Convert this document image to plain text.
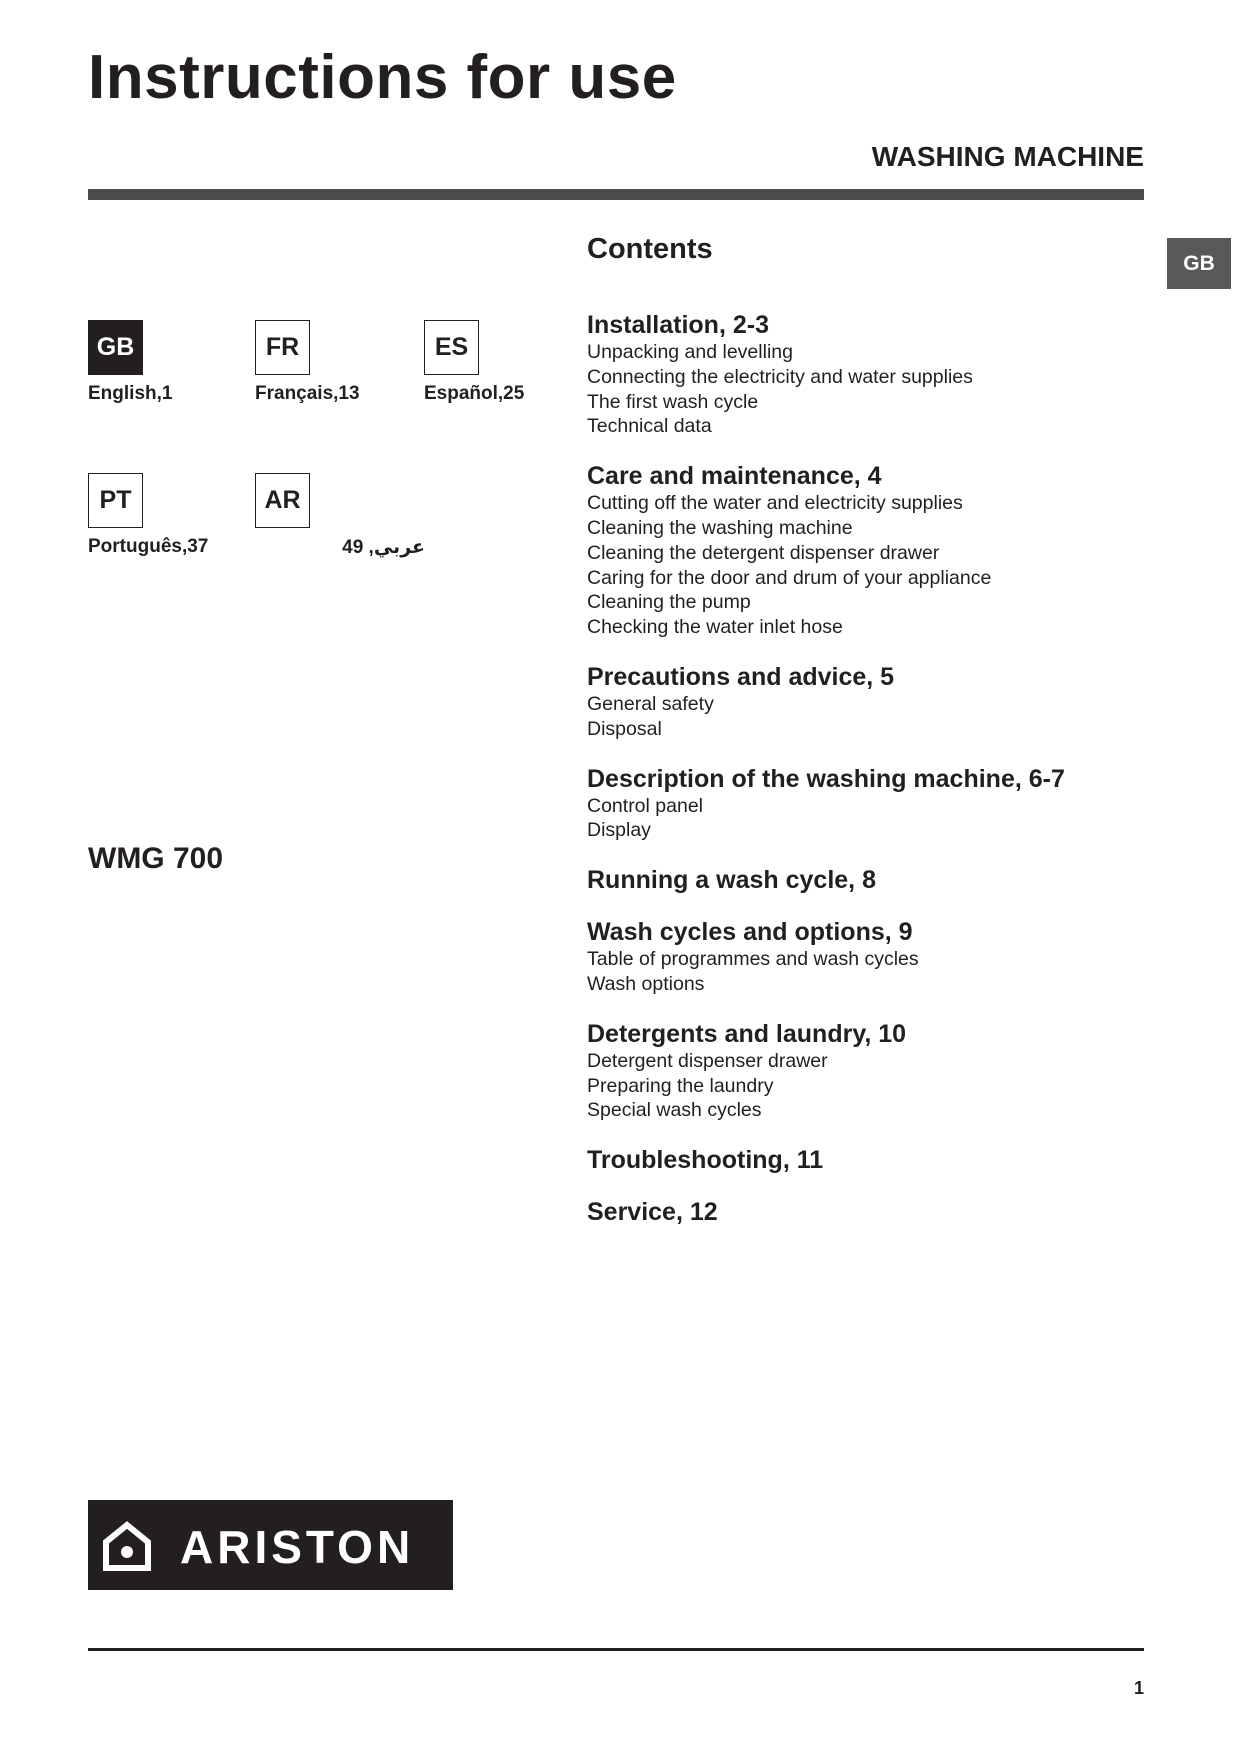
Instructions for use
WASHING MACHINE
GB
GB
English,1
FR
Français,13
ES
Español,25
PT
Português,37
AR
عربي, 49
WMG 700
Contents
Installation, 2-3
Unpacking and levelling
Connecting the electricity and water supplies
The first wash cycle
Technical data
Care and maintenance, 4
Cutting off the water and electricity supplies
Cleaning the washing machine
Cleaning the detergent dispenser drawer
Caring for the door and drum of your appliance
Cleaning the pump
Checking the water inlet hose
Precautions and advice, 5
General safety
Disposal
Description of the washing machine, 6-7
Control panel
Display
Running a wash cycle, 8
Wash cycles and options, 9
Table of programmes and wash cycles
Wash options
Detergents and laundry, 10
Detergent dispenser drawer
Preparing the laundry
Special wash cycles
Troubleshooting, 11
Service, 12
ARISTON
1
